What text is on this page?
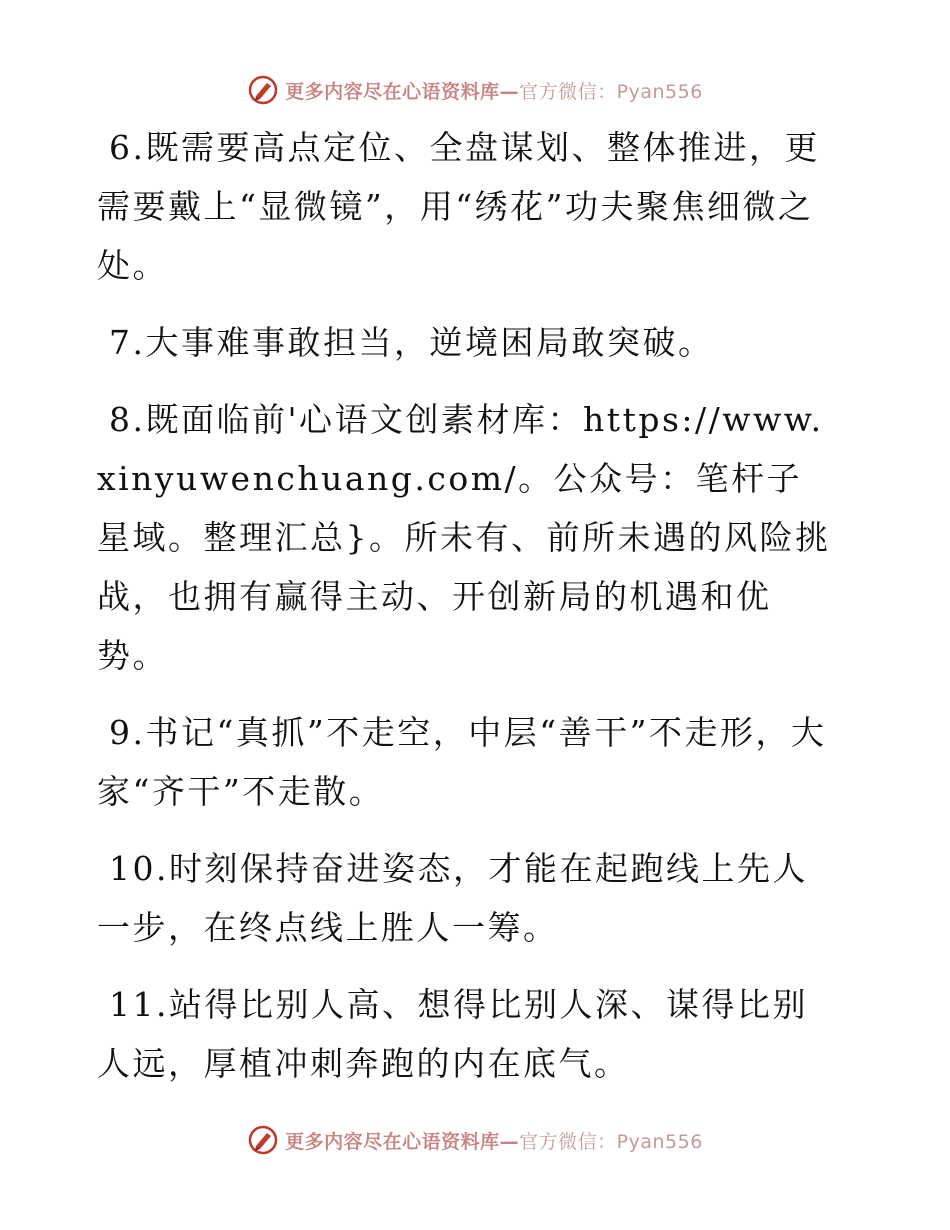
更多内容尽在心语资料库—官方微信：Pyan556

6.既需要高点定位、全盘谋划、整体推进，更需要戴上“显微镜”，用“绣花”功夫聚焦细微之处。

7.大事难事敢担当，逆境困局敢突破。

8.既面临前'心语文创素材库：https://www.xinyuwenchuang.com/。公众号：笔杆子星域。整理汇总}。所未有、前所未遇的风险挑战，也拥有赢得主动、开创新局的机遇和优势。

9.书记“真抓”不走空，中层“善干”不走形，大家“齐干”不走散。

10.时刻保持奋进姿态，才能在起跑线上先人一步，在终点线上胜人一筹。

11.站得比别人高、想得比别人深、谋得比别人远，厚植冲刺奔跑的内在底气。

更多内容尽在心语资料库—官方微信：Pyan556
